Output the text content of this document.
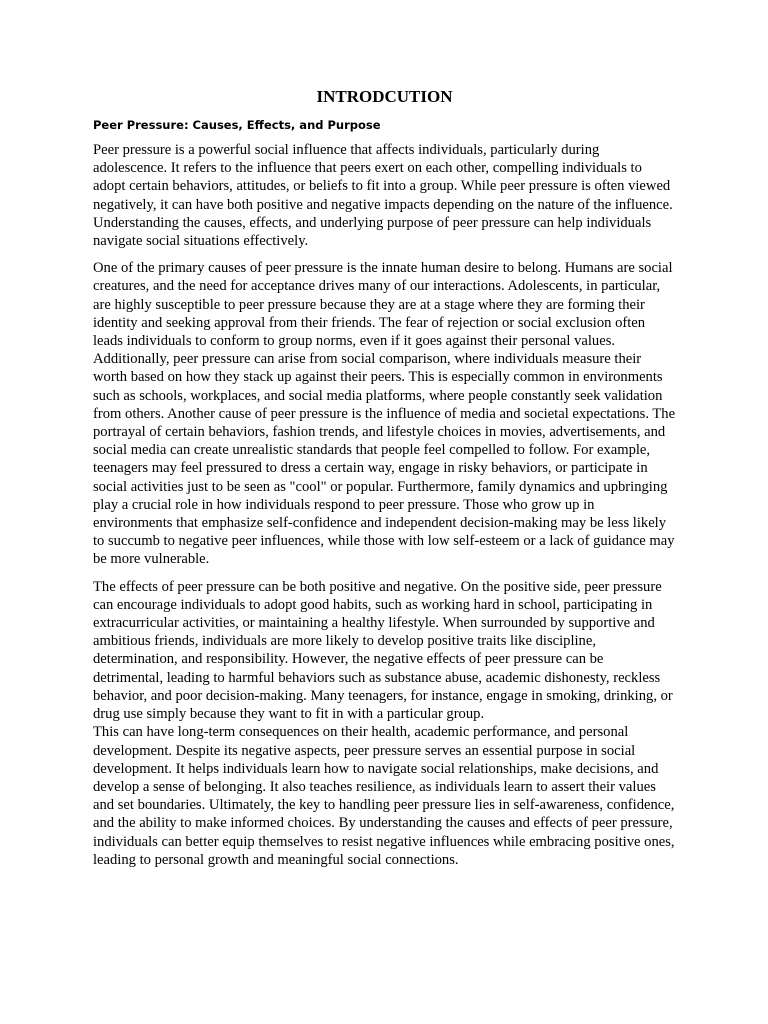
INTRODCUTION
Peer Pressure: Causes, Effects, and Purpose

Peer pressure is a powerful social influence that affects individuals, particularly during adolescence. It refers to the influence that peers exert on each other, compelling individuals to adopt certain behaviors, attitudes, or beliefs to fit into a group. While peer pressure is often viewed negatively, it can have both positive and negative impacts depending on the nature of the influence. Understanding the causes, effects, and underlying purpose of peer pressure can help individuals navigate social situations effectively.

One of the primary causes of peer pressure is the innate human desire to belong. Humans are social creatures, and the need for acceptance drives many of our interactions. Adolescents, in particular, are highly susceptible to peer pressure because they are at a stage where they are forming their identity and seeking approval from their friends. The fear of rejection or social exclusion often leads individuals to conform to group norms, even if it goes against their personal values. Additionally, peer pressure can arise from social comparison, where individuals measure their worth based on how they stack up against their peers. This is especially common in environments such as schools, workplaces, and social media platforms, where people constantly seek validation from others. Another cause of peer pressure is the influence of media and societal expectations. The portrayal of certain behaviors, fashion trends, and lifestyle choices in movies, advertisements, and social media can create unrealistic standards that people feel compelled to follow. For example, teenagers may feel pressured to dress a certain way, engage in risky behaviors, or participate in social activities just to be seen as "cool" or popular. Furthermore, family dynamics and upbringing play a crucial role in how individuals respond to peer pressure. Those who grow up in environments that emphasize self-confidence and independent decision-making may be less likely to succumb to negative peer influences, while those with low self-esteem or a lack of guidance may be more vulnerable.

The effects of peer pressure can be both positive and negative. On the positive side, peer pressure can encourage individuals to adopt good habits, such as working hard in school, participating in extracurricular activities, or maintaining a healthy lifestyle. When surrounded by supportive and ambitious friends, individuals are more likely to develop positive traits like discipline, determination, and responsibility. However, the negative effects of peer pressure can be detrimental, leading to harmful behaviors such as substance abuse, academic dishonesty, reckless behavior, and poor decision-making. Many teenagers, for instance, engage in smoking, drinking, or drug use simply because they want to fit in with a particular group.

This can have long-term consequences on their health, academic performance, and personal development. Despite its negative aspects, peer pressure serves an essential purpose in social development. It helps individuals learn how to navigate social relationships, make decisions, and develop a sense of belonging. It also teaches resilience, as individuals learn to assert their values and set boundaries. Ultimately, the key to handling peer pressure lies in self-awareness, confidence, and the ability to make informed choices. By understanding the causes and effects of peer pressure, individuals can better equip themselves to resist negative influences while embracing positive ones, leading to personal growth and meaningful social connections.
